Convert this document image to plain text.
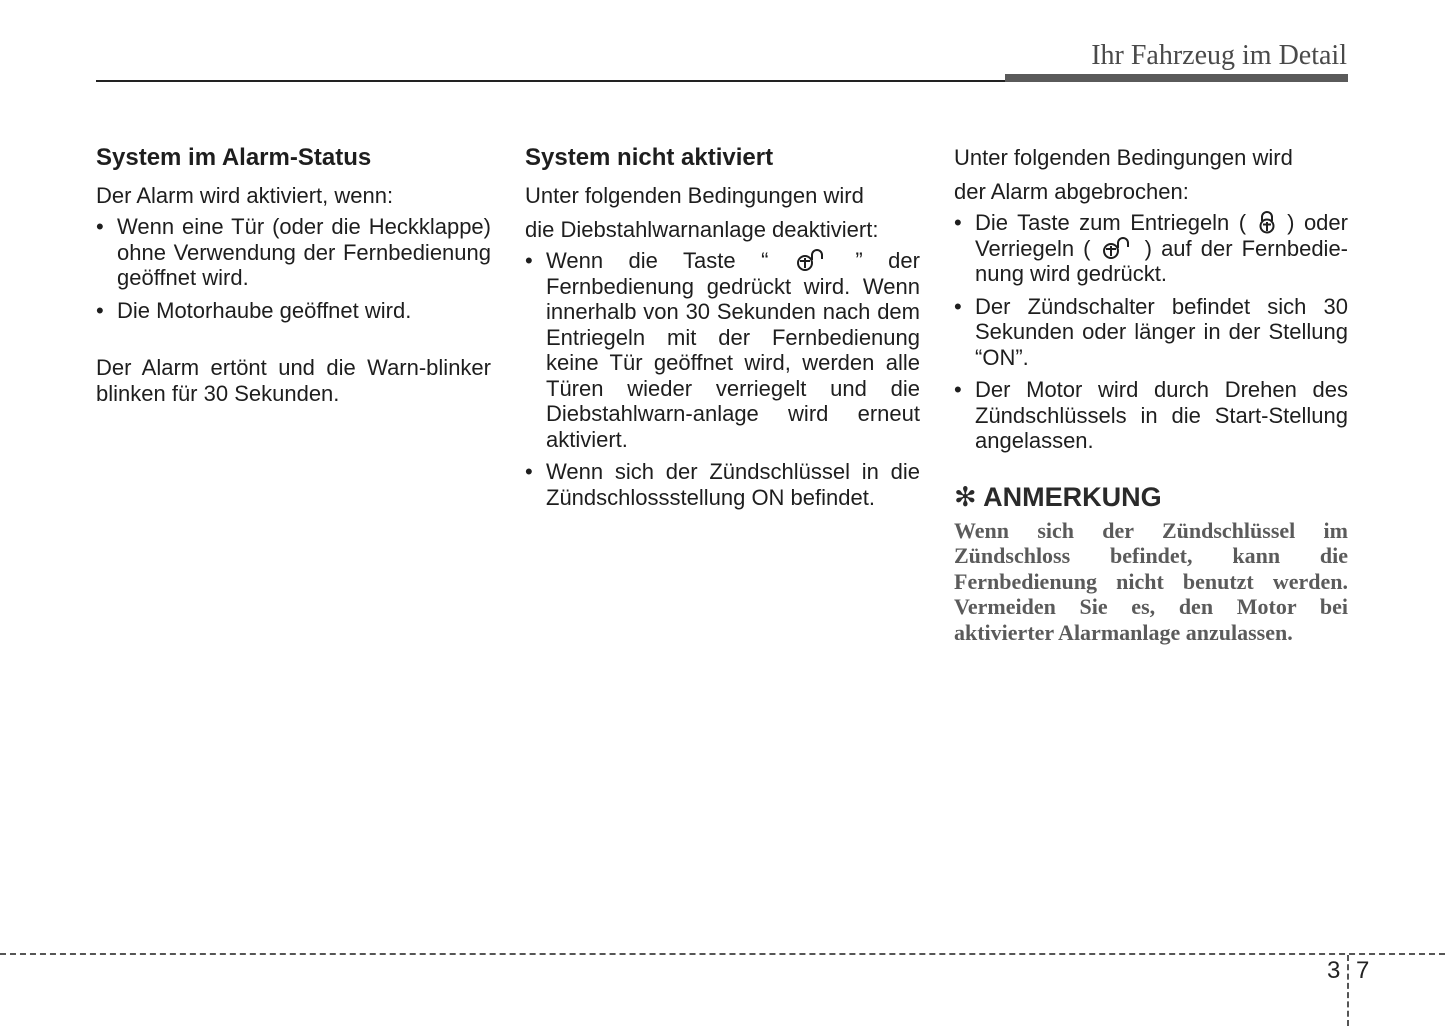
Ihr Fahrzeug im Detail
System im Alarm-Status

Der Alarm wird aktiviert, wenn:

• Wenn eine Tür (oder die Heckklappe) ohne Verwendung der Fernbedienung geöffnet wird.
• Die Motorhaube geöffnet wird.

Der Alarm ertönt und die Warn-blinker blinken für 30 Sekunden.

System nicht aktiviert

Unter folgenden Bedingungen wird

die Diebstahlwarnanlage deaktiviert:

• Wenn die Taste “	” der Fernbedienung gedrückt wird. Wenn innerhalb von 30 Sekunden nach dem Entriegeln mit der Fernbedienung keine Tür geöffnet wird, werden alle Türen wieder verriegelt und die Diebstahlwarn-anlage wird erneut aktiviert.
• Wenn sich der Zündschlüssel in die Zündschlossstellung ON befindet.

Unter folgenden Bedingungen wird

der Alarm abgebrochen:

• Die Taste zum Entriegeln ( ) oder Verriegeln ( ) auf der Fernbedie-nung wird gedrückt.
• Der Zündschalter befindet sich 30 Sekunden oder länger in der Stellung “ON”.
• Der Motor wird durch Drehen des Zündschlüssels in die Start-Stellung angelassen.
✻ ANMERKUNG

Wenn sich der Zündschlüssel im Zündschloss befindet, kann die Fernbedienung nicht benutzt werden. Vermeiden Sie es, den Motor bei aktivierter Alarmanlage anzulassen.

3 7
